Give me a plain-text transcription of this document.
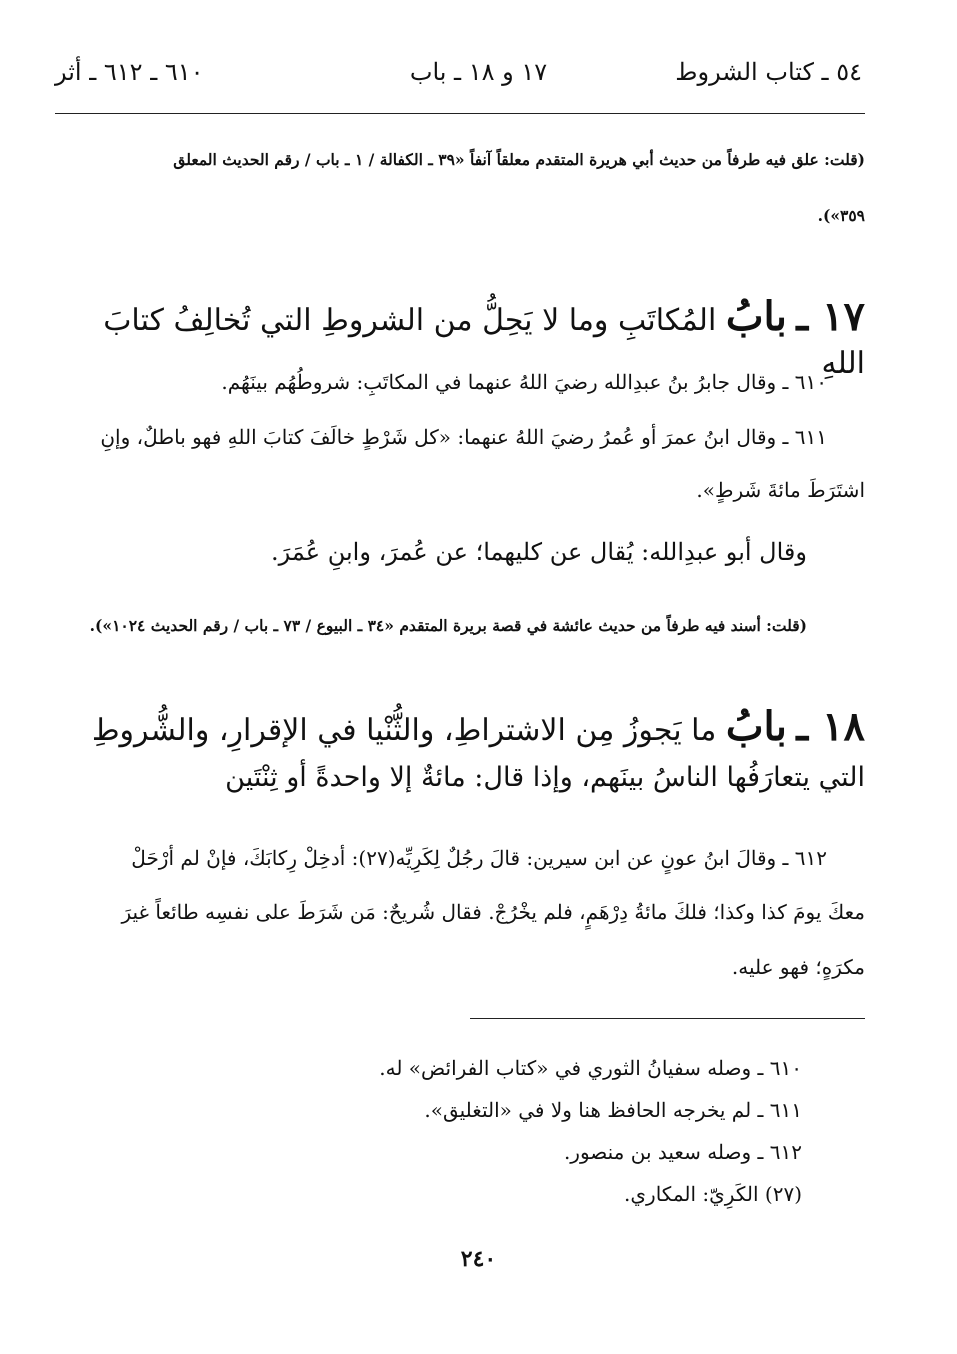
٥٤ ـ كتاب الشروط
١٧ و ١٨ ـ باب
٦١٠ ـ ٦١٢ ـ أثر
(قلت: علق فيه طرفاً من حديث أبي هريرة المتقدم معلقاً آنفاً «٣٩ ـ الكفالة / ١ ـ باب / رقم الحديث المعلق
٣٥٩»).
١٧ ـ بابُ المُكاتَبِ وما لا يَحِلُّ من الشروطِ التي تُخالِفُ كتابَ اللهِ
٦١٠ ـ وقال جابرُ بنُ عبدِالله رضيَ اللهُ عنهما في المكاتَبِ: شروطُهُم بينَهُم.
٦١١ ـ وقال ابنُ عمرَ أو عُمرُ رضيَ اللهُ عنهما: «كل شَرْطٍ خالَفَ كتابَ اللهِ فهو باطلٌ، وإنِ
اشتَرَطَ مائةَ شَرطٍ».
وقال أبو عبدِالله: يُقال عن كليهما؛ عن عُمرَ، وابنِ عُمَرَ.
(قلت: أسند فيه طرفاً من حديث عائشة في قصة بريرة المتقدم «٣٤ ـ البيوع / ٧٣ ـ باب / رقم الحديث ١٠٢٤»).
١٨ ـ بابُ ما يَجوزُ مِن الاشتراطِ، والثُّنْيا في الإقرارِ، والشُّروطِ
التي يتعارَفُها الناسُ بينَهم، وإذا قال: مائةٌ إلا واحدةً أو ثِنْتَين
٦١٢ ـ وقالَ ابنُ عونٍ عن ابن سيرين: قالَ رجُلٌ لِكَرِيِّه(٢٧): أدخِلْ رِكابَكَ، فإنْ لم أرْحَلْ
معكَ يومَ كذا وكذا؛ فلكَ مائةُ دِرْهَمٍ، فلم يخْرُجْ. فقال شُريحٌ: مَن شَرَطَ على نفسِه طائعاً غيرَ
مكرَهٍ؛ فهو عليه.
٦١٠ ـ وصله سفيانُ الثوري في «كتاب الفرائض» له.
٦١١ ـ لم يخرجه الحافظ هنا ولا في «التغليق».
٦١٢ ـ وصله سعيد بن منصور.
(٢٧) الكَرِيّ: المكاري.
٢٤٠
